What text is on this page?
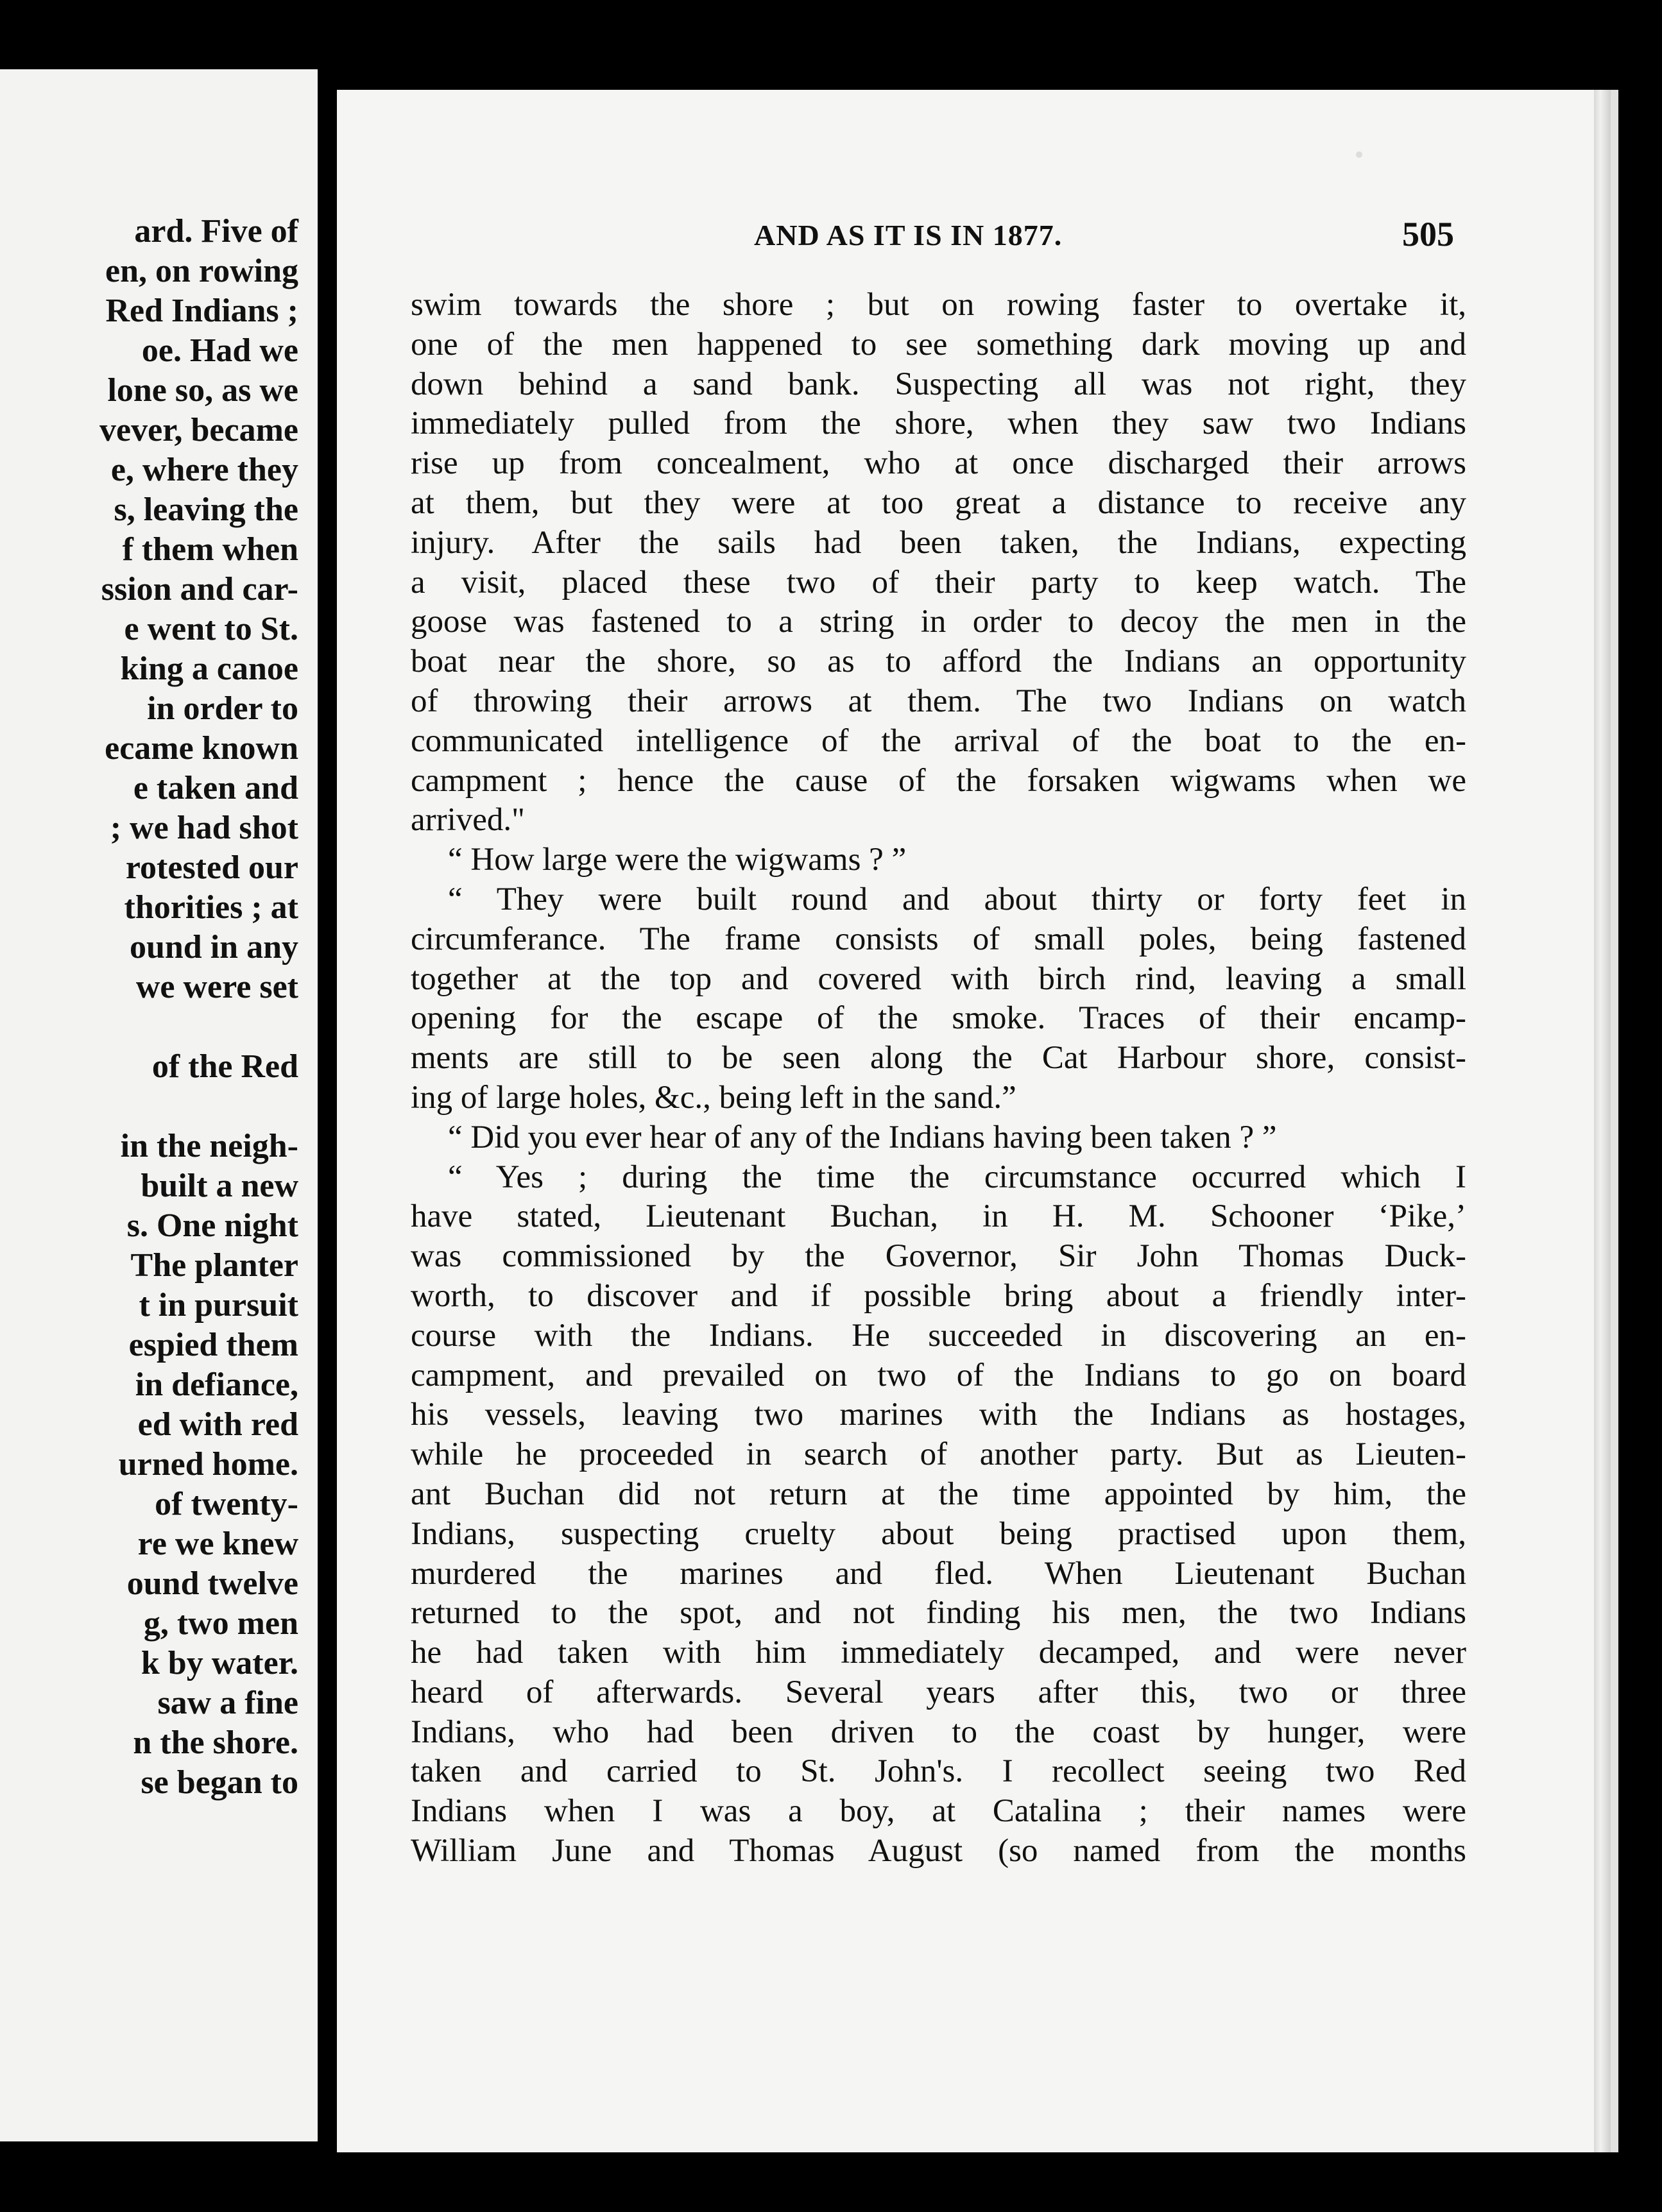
ard. Five of
en, on rowing
Red Indians ;
oe. Had we
lone so, as we
vever, became
e, where they
s, leaving the
f them when
ssion and car-
e went to St.
king a canoe
in order to
ecame known
e taken and
; we had shot
rotested our
thorities ; at
ound in any
we were set
of the Red
in the neigh-
built a new
s. One night
The planter
t in pursuit
espied them
in defiance,
ed with red
urned home.
of twenty-
re we knew
ound twelve
g, two men
k by water.
saw a fine
n the shore.
se began to
AND AS IT IS IN 1877.	505
swim towards the shore ; but on rowing faster to overtake it,
one of the men happened to see something dark moving up and
down behind a sand bank. Suspecting all was not right, they
immediately pulled from the shore, when they saw two Indians
rise up from concealment, who at once discharged their arrows
at them, but they were at too great a distance to receive any
injury. After the sails had been taken, the Indians, expecting
a visit, placed these two of their party to keep watch. The
goose was fastened to a string in order to decoy the men in the
boat near the shore, so as to afford the Indians an opportunity
of throwing their arrows at them. The two Indians on watch
communicated intelligence of the arrival of the boat to the en-
campment ; hence the cause of the forsaken wigwams when we
arrived."
“ How large were the wigwams ? ”
“ They were built round and about thirty or forty feet in
circumferance. The frame consists of small poles, being fastened
together at the top and covered with birch rind, leaving a small
opening for the escape of the smoke. Traces of their encamp-
ments are still to be seen along the Cat Harbour shore, consist-
ing of large holes, &c., being left in the sand.”
“ Did you ever hear of any of the Indians having been taken ? ”
“ Yes ; during the time the circumstance occurred which I
have stated, Lieutenant Buchan, in H. M. Schooner ‘Pike,’
was commissioned by the Governor, Sir John Thomas Duck-
worth, to discover and if possible bring about a friendly inter-
course with the Indians. He succeeded in discovering an en-
campment, and prevailed on two of the Indians to go on board
his vessels, leaving two marines with the Indians as hostages,
while he proceeded in search of another party. But as Lieuten-
ant Buchan did not return at the time appointed by him, the
Indians, suspecting cruelty about being practised upon them,
murdered the marines and fled. When Lieutenant Buchan
returned to the spot, and not finding his men, the two Indians
he had taken with him immediately decamped, and were never
heard of afterwards. Several years after this, two or three
Indians, who had been driven to the coast by hunger, were
taken and carried to St. John's. I recollect seeing two Red
Indians when I was a boy, at Catalina ; their names were
William June and Thomas August (so named from the months
